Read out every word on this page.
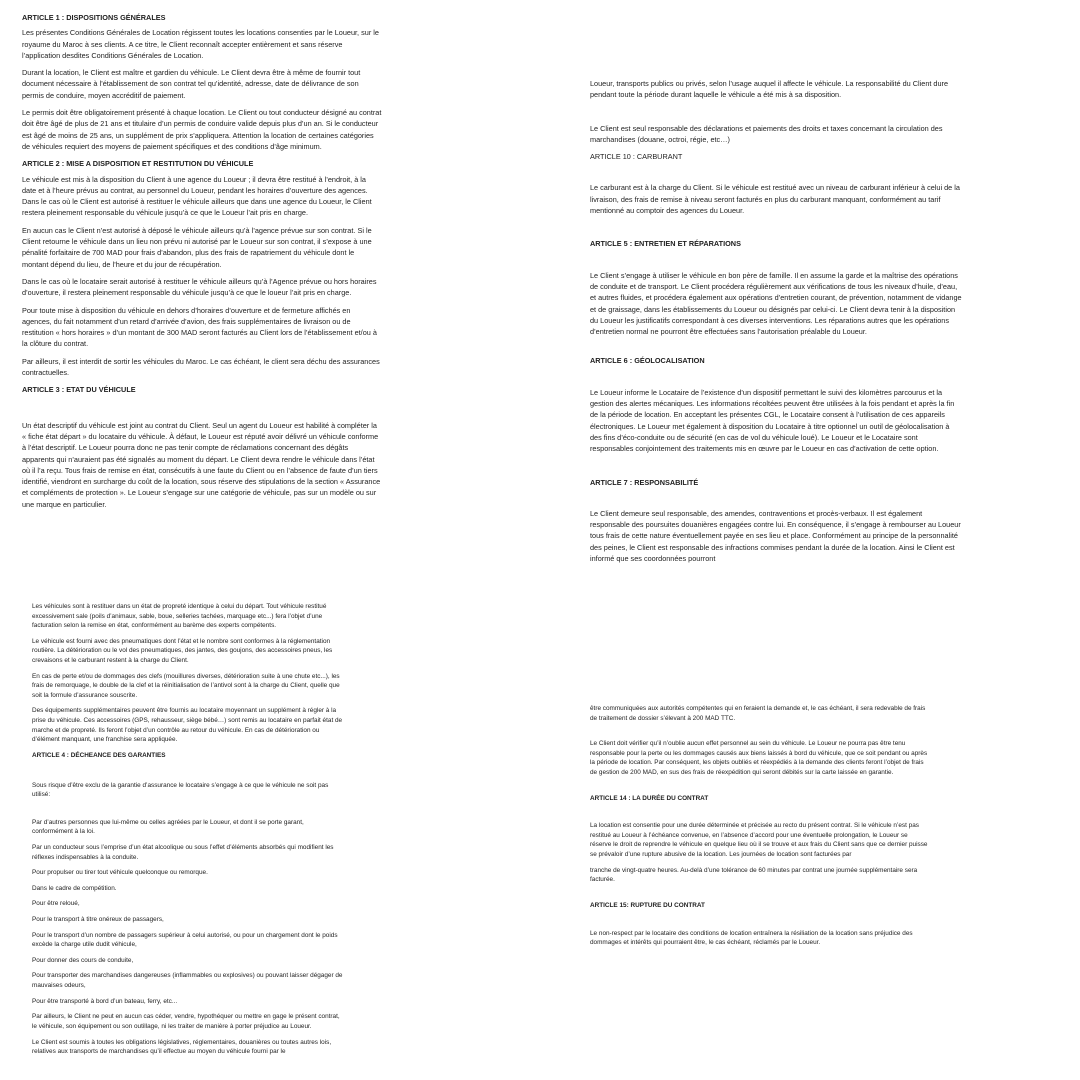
ARTICLE 1 : DISPOSITIONS GÉNÉRALES

Les présentes Conditions Générales de Location régissent toutes les locations consenties par le Loueur, sur le royaume du Maroc à ses clients. A ce titre, le Client reconnaît accepter entièrement et sans réserve l’application desdites Conditions Générales de Location.

Durant la location, le Client est maître et gardien du véhicule. Le Client devra être à même de fournir tout document nécessaire à l’établissement de son contrat tel qu’identité, adresse, date de délivrance de son permis de conduire, moyen accréditif de paiement.

Le permis doit être obligatoirement présenté à chaque location. Le Client ou tout conducteur désigné au contrat doit être âgé de plus de 21 ans et titulaire d’un permis de conduire valide depuis plus d’un an. Si le conducteur est âgé de moins de 25 ans, un supplément de prix s’appliquera. Attention la location de certaines catégories de véhicules requiert des moyens de paiement spécifiques et des conditions d’âge minimum.

ARTICLE 2 : MISE A DISPOSITION ET RESTITUTION DU VÉHICULE

Le véhicule est mis à la disposition du Client à une agence du Loueur ; il devra être restitué à l’endroit, à la date et à l’heure prévus au contrat, au personnel du Loueur, pendant les horaires d’ouverture des agences. Dans le cas où le Client est autorisé à restituer le véhicule ailleurs que dans une agence du Loueur, le Client restera pleinement responsable du véhicule jusqu’à ce que le Loueur l’ait pris en charge.

En aucun cas le Client n’est autorisé à déposé le véhicule ailleurs qu’à l’agence prévue sur son contrat. Si le Client retourne le véhicule dans un lieu non prévu ni autorisé par le Loueur sur son contrat, il s’expose à une pénalité forfaitaire de 700 MAD pour frais d’abandon, plus des frais de rapatriement du véhicule dont le montant dépend du lieu, de l’heure et du jour de récupération.

Dans le cas où le locataire serait autorisé à restituer le véhicule ailleurs qu’à l’Agence prévue ou hors horaires d’ouverture, il restera pleinement responsable du véhicule jusqu’à ce que le loueur l’ait pris en charge.

Pour toute mise à disposition du véhicule en dehors d’horaires d’ouverture et de fermeture affichés en agences, du fait notamment d’un retard d’arrivée d’avion, des frais supplémentaires de livraison ou de restitution « hors horaires » d’un montant de 300 MAD seront facturés au Client lors de l’établissement et/ou à la clôture du contrat.

Par ailleurs, il est interdit de sortir les véhicules du Maroc. Le cas échéant, le client sera déchu des assurances contractuelles.

ARTICLE 3 : ETAT DU VÉHICULE

Un état descriptif du véhicule est joint au contrat du Client. Seul un agent du Loueur est habilité à compléter la « fiche état départ » du locataire du véhicule. À défaut, le Loueur est réputé avoir délivré un véhicule conforme à l’état descriptif. Le Loueur pourra donc ne pas tenir compte de réclamations concernant des dégâts apparents qui n’auraient pas été signalés au moment du départ. Le Client devra rendre le véhicule dans l’état où il l’a reçu. Tous frais de remise en état, consécutifs à une faute du Client ou en l’absence de faute d’un tiers identifié, viendront en surcharge du coût de la location, sous réserve des stipulations de la section « Assurance et compléments de protection ». Le Loueur s’engage sur une catégorie de véhicule, pas sur un modèle ou sur une marque en particulier.

Loueur, transports publics ou privés, selon l’usage auquel il affecte le véhicule. La responsabilité du Client dure pendant toute la période durant laquelle le véhicule a été mis à sa disposition.

Le Client est seul responsable des déclarations et paiements des droits et taxes concernant la circulation des marchandises (douane, octroi, régie, etc…)

ARTICLE 10 : CARBURANT

Le carburant est à la charge du Client. Si le véhicule est restitué avec un niveau de carburant inférieur à celui de la livraison, des frais de remise à niveau seront facturés en plus du carburant manquant, conformément au tarif mentionné au comptoir des agences du Loueur.

ARTICLE 5 : ENTRETIEN ET RÉPARATIONS

Le Client s’engage à utiliser le véhicule en bon père de famille. Il en assume la garde et la maîtrise des opérations de conduite et de transport. Le Client procédera régulièrement aux vérifications de tous les niveaux d’huile, d’eau, et autres fluides, et procédera également aux opérations d’entretien courant, de prévention, notamment de vidange et de graissage, dans les établissements du Loueur ou désignés par celui-ci. Le Client devra tenir à la disposition du Loueur les justificatifs correspondant à ces diverses interventions. Les réparations autres que les opérations d’entretien normal ne pourront être effectuées sans l’autorisation préalable du Loueur.

ARTICLE 6 : GÉOLOCALISATION

Le Loueur informe le Locataire de l’existence d’un dispositif permettant le suivi des kilomètres parcourus et la gestion des alertes mécaniques. Les informations récoltées peuvent être utilisées à la fois pendant et après la fin de la période de location. En acceptant les présentes CGL, le Locataire consent à l’utilisation de ces appareils électroniques. Le Loueur met également à disposition du Locataire à titre optionnel un outil de géolocalisation à des fins d’éco-conduite ou de sécurité (en cas de vol du véhicule loué). Le Loueur et le Locataire sont responsables conjointement des traitements mis en œuvre par le Loueur en cas d’activation de cette option.

ARTICLE 7 : RESPONSABILITÉ

Le Client demeure seul responsable, des amendes, contraventions et procès-verbaux. Il est également responsable des poursuites douanières engagées contre lui. En conséquence, il s’engage à rembourser au Loueur tous frais de cette nature éventuellement payée en ses lieu et place. Conformément au principe de la personnalité des peines, le Client est responsable des infractions commises pendant la durée de la location. Ainsi le Client est informé que ses coordonnées pourront

Les véhicules sont à restituer dans un état de propreté identique à celui du départ. Tout véhicule restitué excessivement sale (poils d’animaux, sable, boue, selleries tachées, marquage etc...) fera l’objet d’une facturation selon la remise en état, conformément au barème des experts compétents.

Le véhicule est fourni avec des pneumatiques dont l’état et le nombre sont conformes à la réglementation routière. La détérioration ou le vol des pneumatiques, des jantes, des goujons, des accessoires pneus, les crevaisons et le carburant restent à la charge du Client.

En cas de perte et/ou de dommages des clefs (mouillures diverses, détérioration suite à une chute etc...), les frais de remorquage, le double de la clef et la réinitialisation de l’antivol sont à la charge du Client, quelle que soit la formule d’assurance souscrite.

Des équipements supplémentaires peuvent être fournis au locataire moyennant un supplément à régler à la prise du véhicule. Ces accessoires (GPS, rehausseur, siège bébé…) sont remis au locataire en parfait état de marche et de propreté. Ils feront l’objet d’un contrôle au retour du véhicule. En cas de détérioration ou d’élément manquant, une franchise sera appliquée.

ARTICLE 4 : DÉCHEANCE DES GARANTIES

Sous risque d’être exclu de la garantie d’assurance le locataire s’engage à ce que le véhicule ne soit pas utilisé:

Par d’autres personnes que lui-même ou celles agréées par le Loueur, et dont il se porte garant, conformément à la loi.

Par un conducteur sous l’emprise d’un état alcoolique ou sous l’effet d’éléments absorbés qui modifient les réflexes indispensables à la conduite.

Pour propulser ou tirer tout véhicule quelconque ou remorque.

Dans le cadre de compétition.

Pour être reloué,

Pour le transport à titre onéreux de passagers,

Pour le transport d’un nombre de passagers supérieur à celui autorisé, ou pour un chargement dont le poids excède la charge utile dudit véhicule,

Pour donner des cours de conduite,

Pour transporter des marchandises dangereuses (inflammables ou explosives) ou pouvant laisser dégager de mauvaises odeurs,

Pour être transporté à bord d’un bateau, ferry, etc...

Par ailleurs, le Client ne peut en aucun cas céder, vendre, hypothéquer ou mettre en gage le présent contrat, le véhicule, son équipement ou son outillage, ni les traiter de manière à porter préjudice au Loueur.

Le Client est soumis à toutes les obligations législatives, réglementaires, douanières ou toutes autres lois, relatives aux transports de marchandises qu’il effectue au moyen du véhicule fourni par le

être communiquées aux autorités compétentes qui en feraient la demande et, le cas échéant, il sera redevable de frais de traitement de dossier s’élevant à 200 MAD TTC.

Le Client doit vérifier qu’il n’oublie aucun effet personnel au sein du véhicule. Le Loueur ne pourra pas être tenu responsable pour la perte ou les dommages causés aux biens laissés à bord du véhicule, que ce soit pendant ou après la période de location. Par conséquent, les objets oubliés et réexpédiés à la demande des clients feront l’objet de frais de gestion de 200 MAD, en sus des frais de réexpédition qui seront débités sur la carte laissée en garantie.

ARTICLE 14 : LA DURÉE DU CONTRAT

La location est consentie pour une durée déterminée et précisée au recto du présent contrat. Si le véhicule n’est pas restitué au Loueur à l’échéance convenue, en l’absence d’accord pour une éventuelle prolongation, le Loueur se réserve le droit de reprendre le véhicule en quelque lieu où il se trouve et aux frais du Client sans que ce dernier puisse se prévaloir d’une rupture abusive de la location. Les journées de location sont facturées par

tranche de vingt-quatre heures. Au-delà d’une tolérance de 60 minutes par contrat une journée supplémentaire sera facturée.

ARTICLE 15: RUPTURE DU CONTRAT

Le non-respect par le locataire des conditions de location entraînera la résiliation de la location sans préjudice des dommages et intérêts qui pourraient être, le cas échéant, réclamés par le Loueur.
